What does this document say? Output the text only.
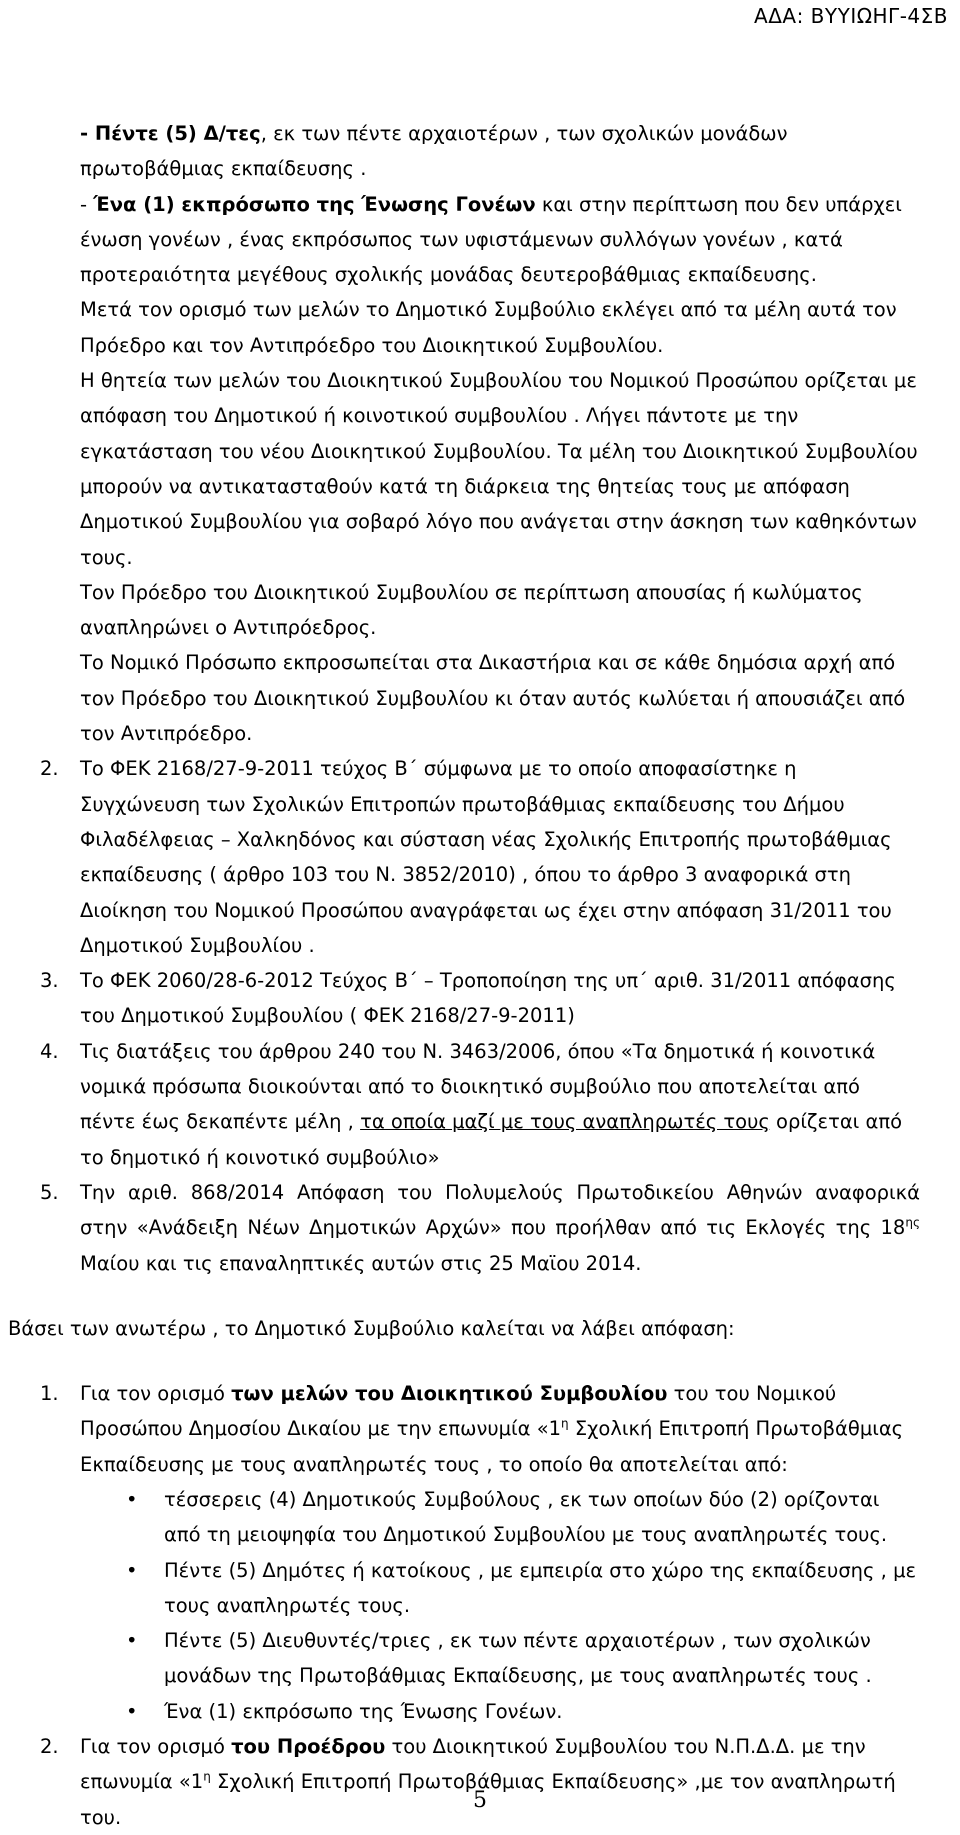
ΑΔΑ: ΒΥΥΙΩΗΓ-4ΣΒ

- Πέντε (5) Δ/τες, εκ των πέντε αρχαιοτέρων , των σχολικών μονάδων πρωτοβάθμιας εκπαίδευσης .

- Ένα (1) εκπρόσωπο της Ένωσης Γονέων και στην περίπτωση που δεν υπάρχει ένωση γονέων , ένας εκπρόσωπος των υφιστάμενων συλλόγων γονέων , κατά προτεραιότητα μεγέθους σχολικής μονάδας δευτεροβάθμιας εκπαίδευσης.

Μετά τον ορισμό των μελών το Δημοτικό Συμβούλιο εκλέγει από τα μέλη αυτά τον Πρόεδρο και τον Αντιπρόεδρο του Διοικητικού Συμβουλίου.

Η θητεία των μελών του Διοικητικού Συμβουλίου του Νομικού Προσώπου ορίζεται με απόφαση του Δημοτικού ή κοινοτικού συμβουλίου . Λήγει πάντοτε με την εγκατάσταση του νέου Διοικητικού Συμβουλίου. Τα μέλη του Διοικητικού Συμβουλίου μπορούν να αντικατασταθούν κατά τη διάρκεια της θητείας τους με απόφαση Δημοτικού Συμβουλίου για σοβαρό λόγο που ανάγεται στην άσκηση των καθηκόντων τους.

Τον Πρόεδρο του Διοικητικού Συμβουλίου σε περίπτωση απουσίας ή κωλύματος αναπληρώνει ο Αντιπρόεδρος.

Το Νομικό Πρόσωπο εκπροσωπείται στα Δικαστήρια και σε κάθε δημόσια αρχή από τον Πρόεδρο του Διοικητικού Συμβουλίου κι όταν αυτός κωλύεται ή απουσιάζει από τον Αντιπρόεδρο.

2. Το ΦΕΚ 2168/27-9-2011 τεύχος Β΄ σύμφωνα με το οποίο αποφασίστηκε η Συγχώνευση των Σχολικών Επιτροπών πρωτοβάθμιας εκπαίδευσης του Δήμου Φιλαδέλφειας – Χαλκηδόνος και σύσταση νέας Σχολικής Επιτροπής πρωτοβάθμιας εκπαίδευσης ( άρθρο 103 του Ν. 3852/2010) , όπου το άρθρο 3 αναφορικά στη Διοίκηση του Νομικού Προσώπου αναγράφεται ως έχει στην απόφαση 31/2011 του Δημοτικού Συμβουλίου .
3. Το ΦΕΚ 2060/28-6-2012 Τεύχος Β΄ – Τροποποίηση της υπ΄ αριθ. 31/2011 απόφασης του Δημοτικού Συμβουλίου ( ΦΕΚ 2168/27-9-2011)
4. Τις διατάξεις του άρθρου 240 του Ν. 3463/2006, όπου «Τα δημοτικά ή κοινοτικά νομικά πρόσωπα διοικούνται από το διοικητικό συμβούλιο που αποτελείται από πέντε έως δεκαπέντε μέλη , τα οποία μαζί με τους αναπληρωτές τους ορίζεται από το δημοτικό ή κοινοτικό συμβούλιο»
5. Την αριθ. 868/2014 Απόφαση του Πολυμελούς Πρωτοδικείου Αθηνών αναφορικά στην «Ανάδειξη Νέων Δημοτικών Αρχών» που προήλθαν από τις Εκλογές της $18^{\eta\varsigma}$ Μαίου και τις επαναληπτικές αυτών στις 25 Μαϊου 2014.

Βάσει των ανωτέρω , το Δημοτικό Συμβούλιο καλείται να λάβει απόφαση:

1. Για τον ορισμό των μελών του Διοικητικού Συμβουλίου του του Νομικού Προσώπου Δημοσίου Δικαίου με την επωνυμία «$1^\eta$ Σχολική Επιτροπή Πρωτοβάθμιας Εκπαίδευσης με τους αναπληρωτές τους , το οποίο θα αποτελείται από:
• τέσσερεις (4) Δημοτικούς Συμβούλους , εκ των οποίων δύο (2) ορίζονται από τη μειοψηφία του Δημοτικού Συμβουλίου με τους αναπληρωτές τους.
• Πέντε (5) Δημότες ή κατοίκους , με εμπειρία στο χώρο της εκπαίδευσης , με τους αναπληρωτές τους.
• Πέντε (5) Διευθυντές/τριες , εκ των πέντε αρχαιοτέρων , των σχολικών μονάδων της Πρωτοβάθμιας Εκπαίδευσης, με τους αναπληρωτές τους .
• Ένα (1) εκπρόσωπο της Ένωσης Γονέων.
2. Για τον ορισμό του Προέδρου του Διοικητικού Συμβουλίου του Ν.Π.Δ.Δ. με την επωνυμία «$1^\eta$ Σχολική Επιτροπή Πρωτοβάθμιας Εκπαίδευσης» ,με τον αναπληρωτή του.
5
